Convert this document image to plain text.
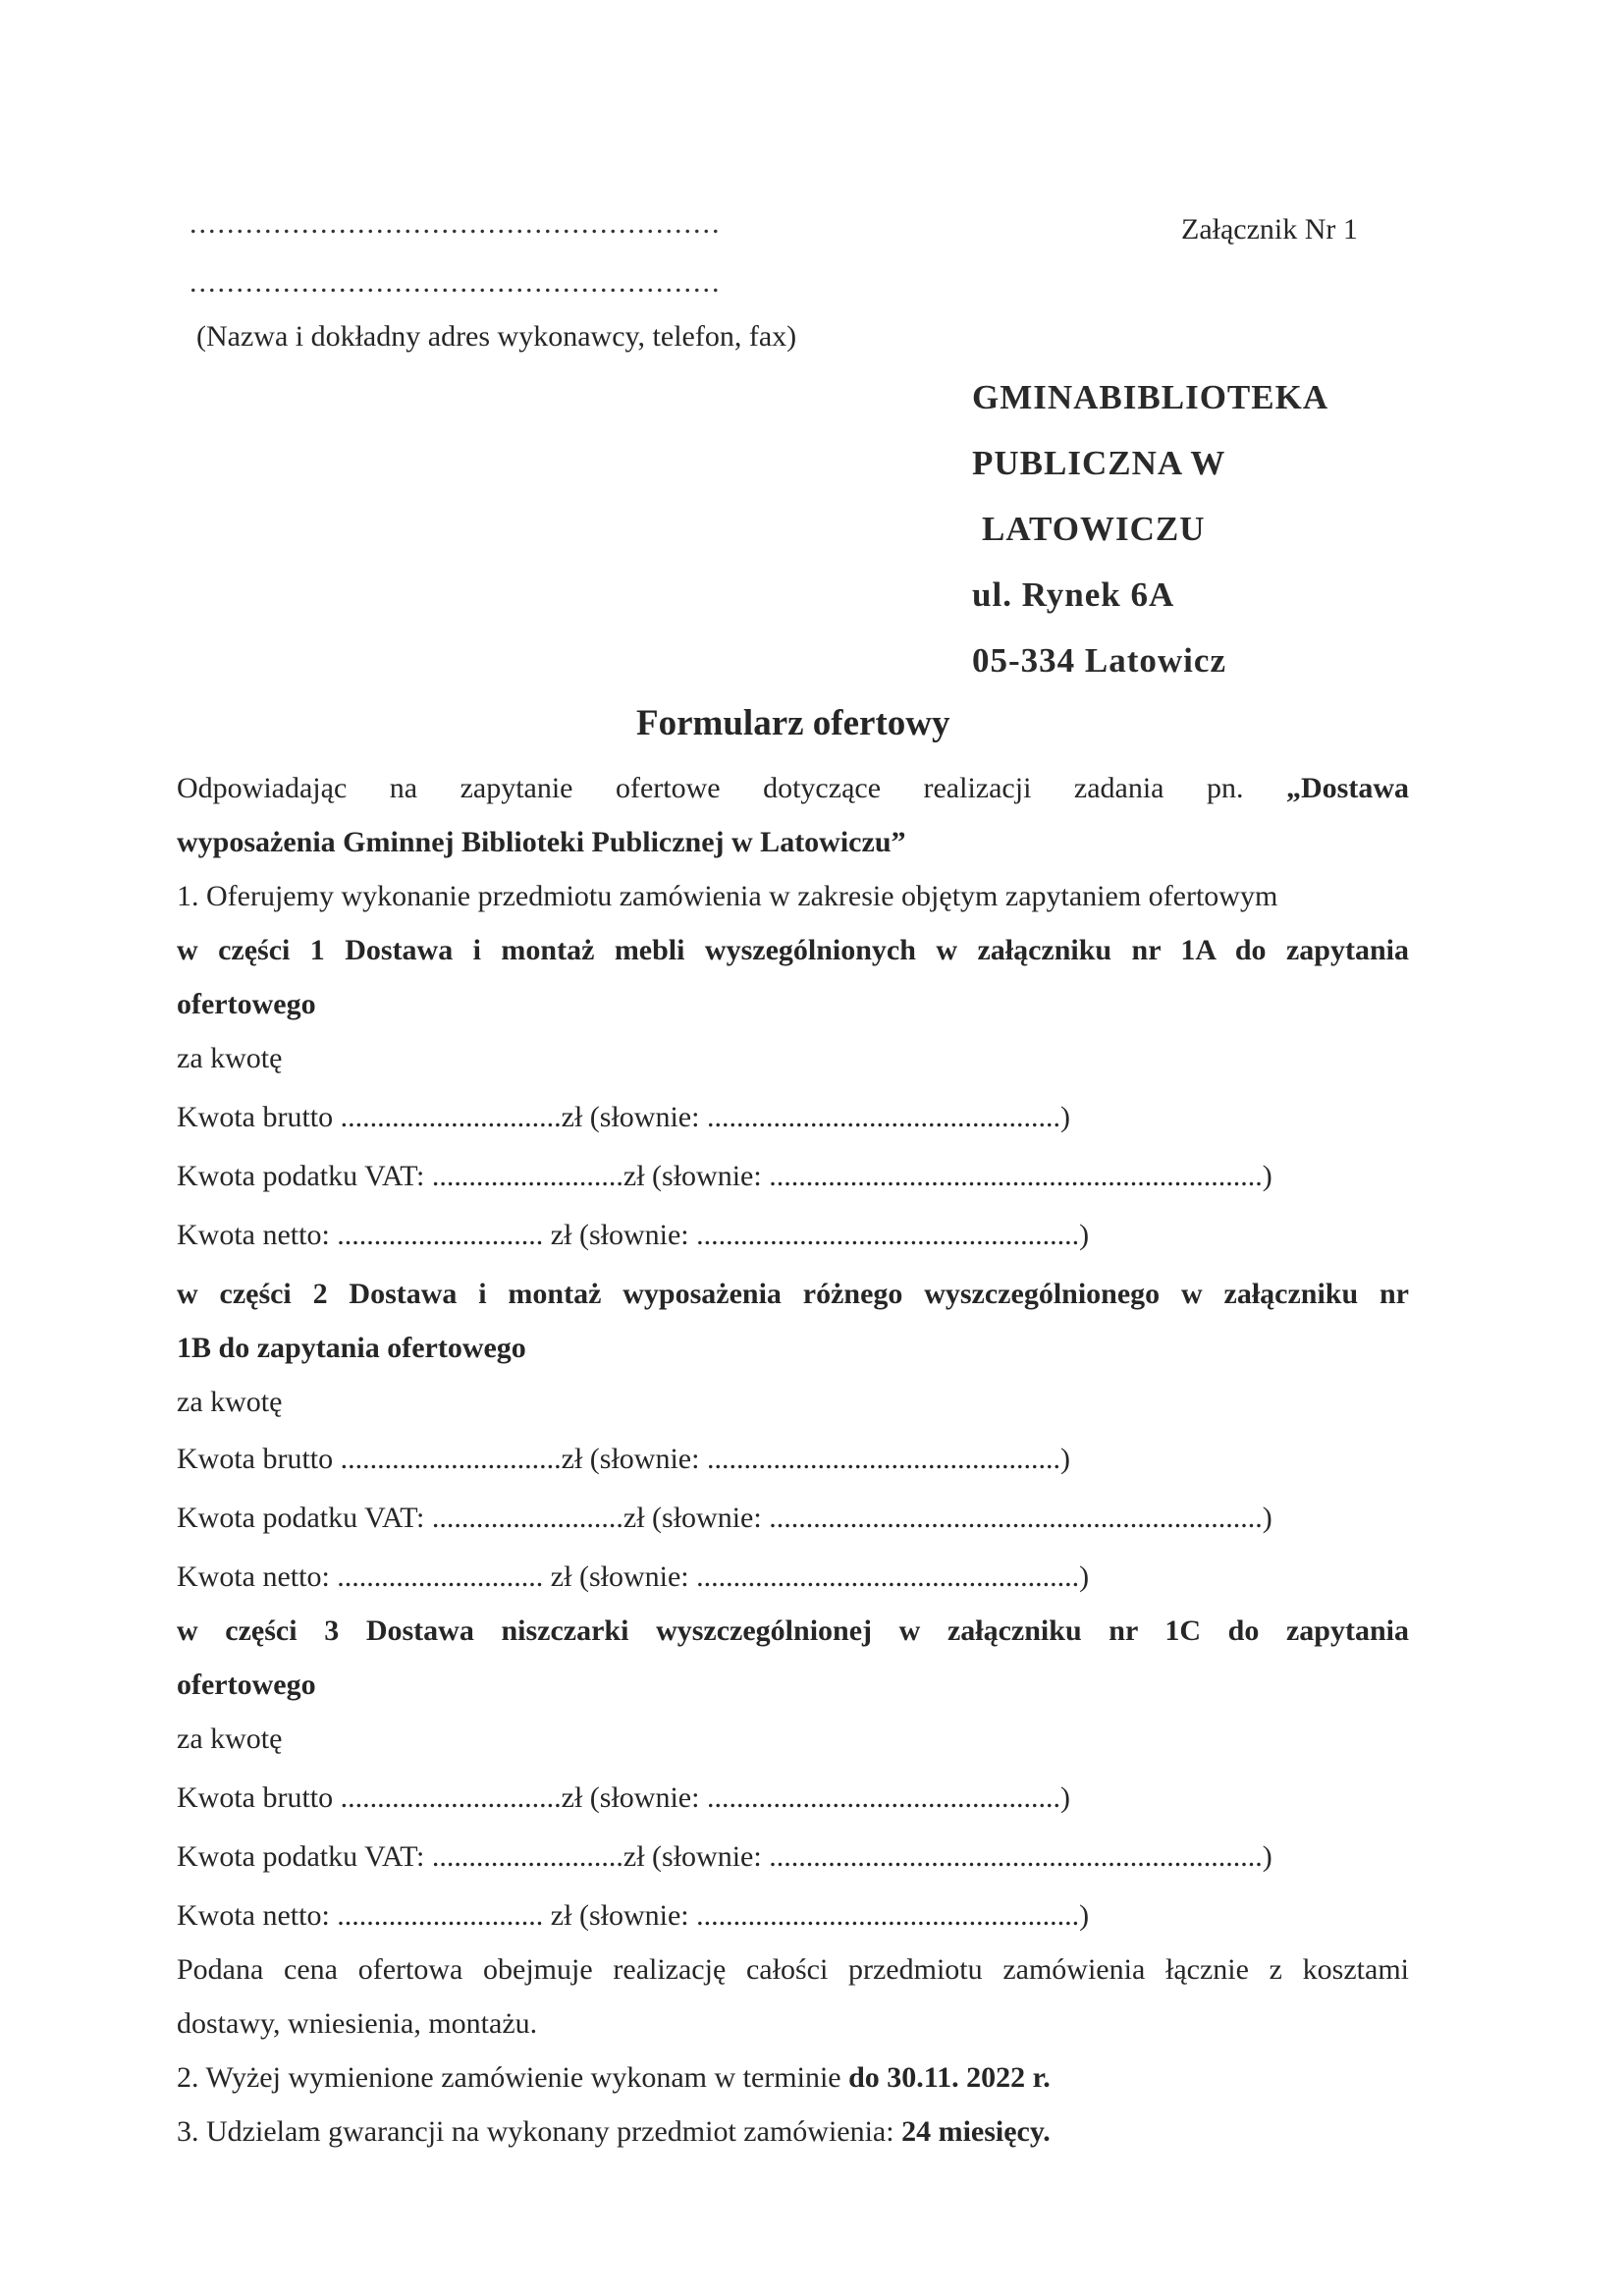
.........................................................
.........................................................
(Nazwa i dokładny adres wykonawcy, telefon, fax)
Załącznik Nr 1
GMINABIBLIOTEKA
PUBLICZNA W
LATOWICZU
ul. Rynek 6A
05-334 Latowicz
Formularz ofertowy
Odpowiadając na zapytanie ofertowe dotyczące realizacji zadania pn. „Dostawa
wyposażenia Gminnej Biblioteki Publicznej w Latowiczu”
1. Oferujemy wykonanie przedmiotu zamówienia w zakresie objętym zapytaniem ofertowym
w części 1 Dostawa i montaż mebli wyszególnionych w załączniku nr 1A do zapytania
ofertowego
za kwotę
Kwota brutto ..............................zł (słownie: ................................................)
Kwota podatku VAT: ..........................zł (słownie: ...................................................................)
Kwota netto: ............................ zł (słownie: ....................................................)
w części 2 Dostawa i montaż wyposażenia różnego wyszczególnionego w załączniku nr
1B do zapytania ofertowego
za kwotę
Kwota brutto ..............................zł (słownie: ................................................)
Kwota podatku VAT: ..........................zł (słownie: ...................................................................)
Kwota netto: ............................ zł (słownie: ....................................................)
w części 3 Dostawa niszczarki wyszczególnionej w załączniku nr 1C do zapytania
ofertowego
za kwotę
Kwota brutto ..............................zł (słownie: ................................................)
Kwota podatku VAT: ..........................zł (słownie: ...................................................................)
Kwota netto: ............................ zł (słownie: ....................................................)
Podana cena ofertowa obejmuje realizację całości przedmiotu zamówienia łącznie z kosztami
dostawy, wniesienia, montażu.
2. Wyżej wymienione zamówienie wykonam w terminie do 30.11. 2022 r.
3. Udzielam gwarancji na wykonany przedmiot zamówienia: 24 miesięcy.
